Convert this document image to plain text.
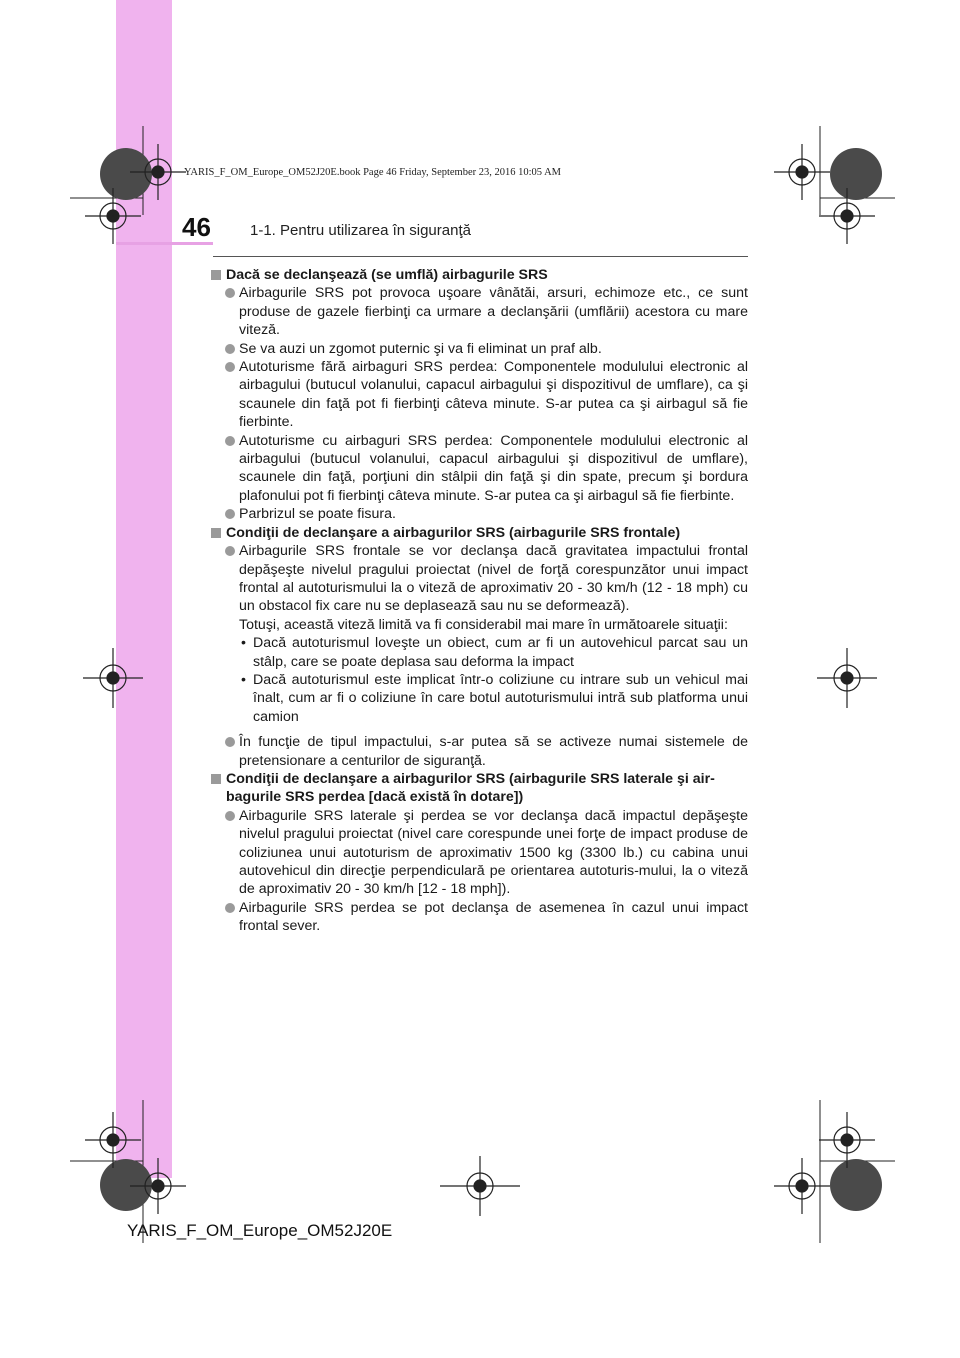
YARIS_F_OM_Europe_OM52J20E.book Page 46 Friday, September 23, 2016 10:05 AM
46	1-1. Pentru utilizarea în siguranţă

Dacă se declanşează (se umflă) airbagurile SRS

Airbagurile SRS pot provoca uşoare vânătăi, arsuri, echimoze etc., ce sunt produse de gazele fierbinţi ca urmare a declanşării (umflării) acestora cu mare viteză.

Se va auzi un zgomot puternic şi va fi eliminat un praf alb.

Autoturisme fără airbaguri SRS perdea: Componentele modulului electronic al airbagului (butucul volanului, capacul airbagului şi dispozitivul de umflare), ca şi scaunele din faţă pot fi fierbinţi câteva minute. S-ar putea ca şi airbagul să fie fierbinte.

Autoturisme cu airbaguri SRS perdea: Componentele modulului electronic al airbagului (butucul volanului, capacul airbagului şi dispozitivul de umflare), scaunele din faţă, porţiuni din stâlpii din faţă şi din spate, precum şi bordura plafonului pot fi fierbinţi câteva minute. S-ar putea ca şi airbagul să fie fierbinte.

Parbrizul se poate fisura.

Condiţii de declanşare a airbagurilor SRS (airbagurile SRS frontale)

Airbagurile SRS frontale se vor declanşa dacă gravitatea impactului frontal depăşeşte nivelul pragului proiectat (nivel de forţă corespunzător unui impact frontal al autoturismului la o viteză de aproximativ 20 - 30 km/h (12 - 18 mph) cu un obstacol fix care nu se deplasează sau nu se deformează).

Totuşi, această viteză limită va fi considerabil mai mare în următoarele situaţii:

• Dacă autoturismul loveşte un obiect, cum ar fi un autovehicul parcat sau un stâlp, care se poate deplasa sau deforma la impact

• Dacă autoturismul este implicat într-o coliziune cu intrare sub un vehicul mai înalt, cum ar fi o coliziune în care botul autoturismului intră sub platforma unui camion

În funcţie de tipul impactului, s-ar putea să se activeze numai sistemele de pretensionare a centurilor de siguranţă.

Condiţii de declanşare a airbagurilor SRS (airbagurile SRS laterale şi air-bagurile SRS perdea [dacă există în dotare])

Airbagurile SRS laterale şi perdea se vor declanşa dacă impactul depăşeşte nivelul pragului proiectat (nivel care corespunde unei forţe de impact produse de coliziunea unui autoturism de aproximativ 1500 kg (3300 lb.) cu cabina unui autovehicul din direcţie perpendiculară pe orientarea autoturis-mului, la o viteză de aproximativ 20 - 30 km/h [12 - 18 mph]).

Airbagurile SRS perdea se pot declanşa de asemenea în cazul unui impact frontal sever.

YARIS_F_OM_Europe_OM52J20E
